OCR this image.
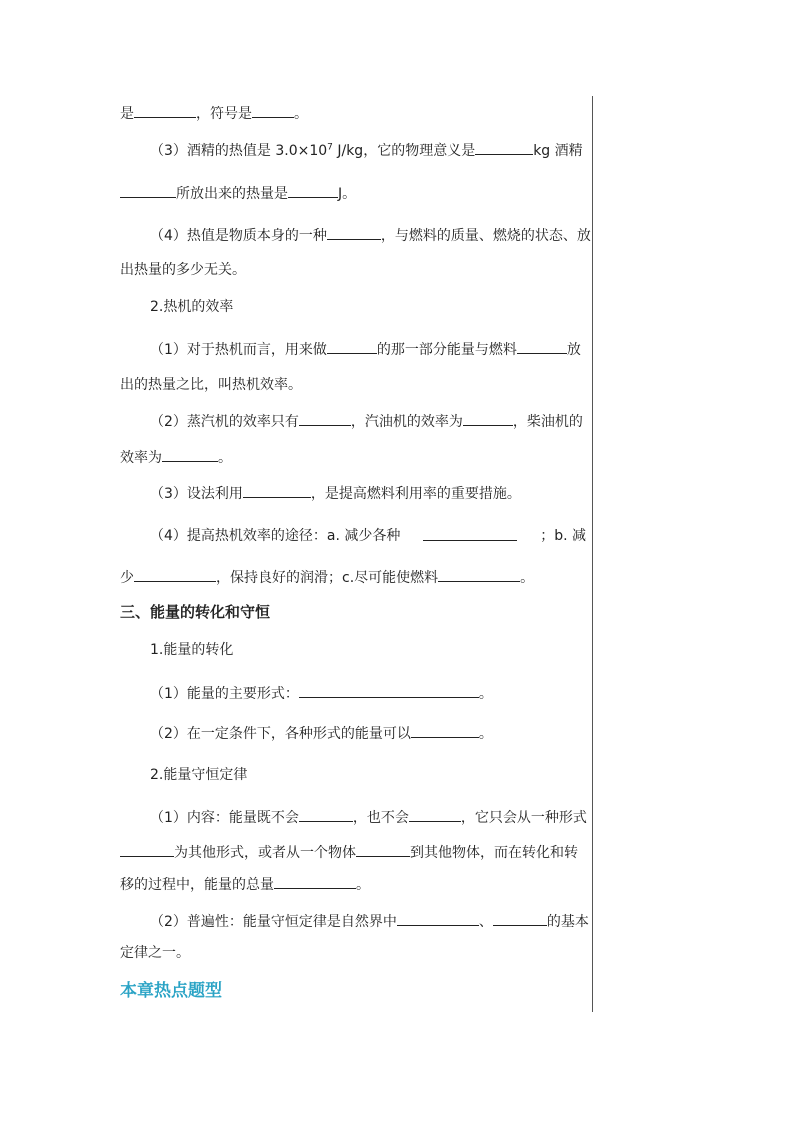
是	，符号是	。
（3）酒精的热值是 $3.0\times 10^7$ J/kg，它的物理意义是	kg 酒精
所放出来的热量是	J。
（4）热值是物质本身的一种	，与燃料的质量、燃烧的状态、放
出热量的多少无关。
2.热机的效率
（1）对于热机而言，用来做	的那一部分能量与燃料	放
出的热量之比，叫热机效率。
（2）蒸汽机的效率只有	，汽油机的效率为	，柴油机的
效率为	。
（3）设法利用	，是提高燃料利用率的重要措施。
（4）提高热机效率的途径：a. 减少各种	；b. 减
少	，保持良好的润滑；c.尽可能使燃料	。
三、能量的转化和守恒
1.能量的转化
（1）能量的主要形式：	。
（2）在一定条件下，各种形式的能量可以	。
2.能量守恒定律
（1）内容：能量既不会	，也不会	，它只会从一种形式
为其他形式，或者从一个物体	到其他物体，而在转化和转
移的过程中，能量的总量	。
（2）普遍性：能量守恒定律是自然界中	、	的基本
定律之一。
本章热点题型
